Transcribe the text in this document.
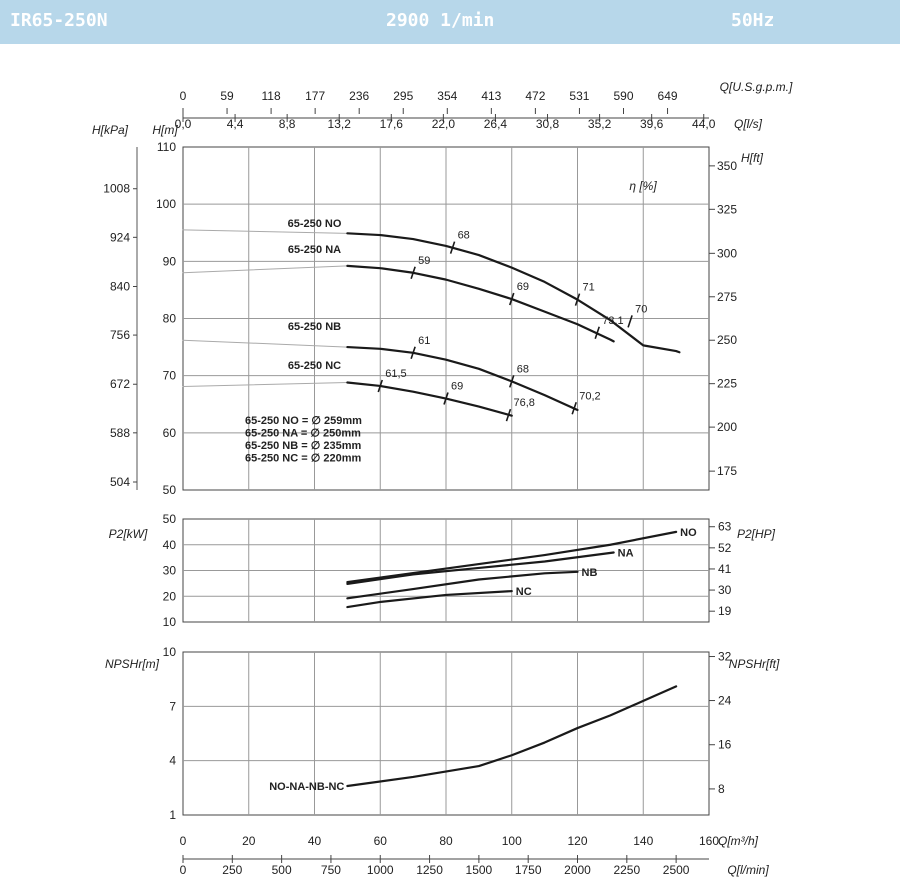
IR65-250N	2900 1/min	50Hz
50
60
70
80
90
100
110
0,0	4,4	8,8	13,2 17,6 22,0 26,4 30,8 35,2 39,6 44,0 Q[l/s]
0	59 118 177 236 295 354 413 472 531 590 649
Q[U.S.g.p.m.]
H[m]
H[kPa]
504
588
672
756
840
924
1008
H[ft]
175
200
225
250
275
300
325
350
η [%]
65-250 NO
65-250 NA
65-250 NB
65-250 NC
68
71
70
59
69
73,1
61
68
70,2
61,5
69
76,8
65-250 NO = ∅ 259mm
65-250 NA = ∅ 250mm
65-250 NB = ∅ 235mm
65-250 NC = ∅ 220mm
10
20
30
40
50
P2[kW]	P2[HP]
19
30
41
52
63
NO
NA
NB
NC
1
4
7
10
NPSHr[m]	NPSHr[ft]
8
16
24
32
NO-NA-NB-NC
0	20	40	60	80	100	120	140	160
Q[m³/h]
0	250 500 750 1000 1250 1500 1750 2000 2250 2500	Q[l/min]
